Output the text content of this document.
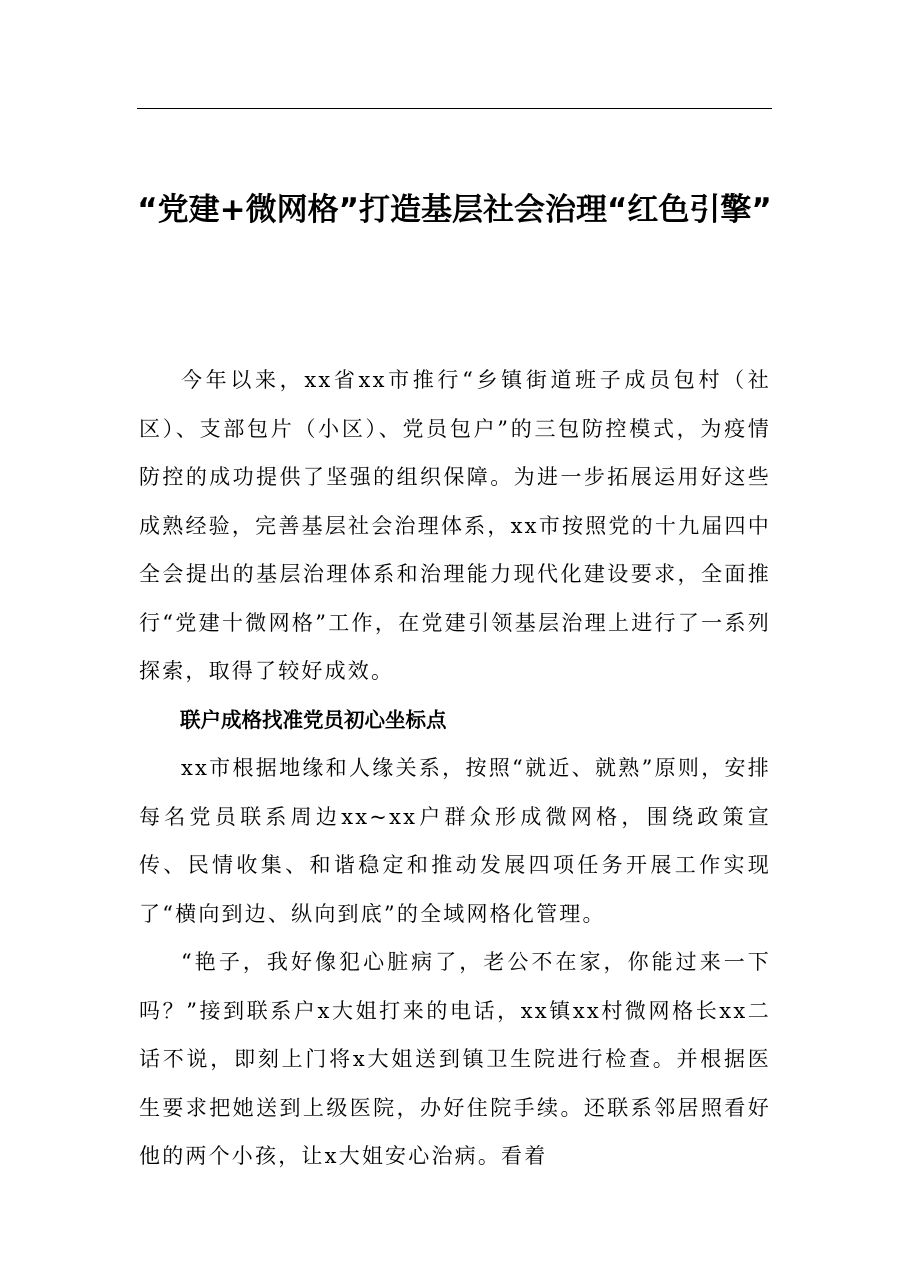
“党建+微网格”打造基层社会治理“红色引擎”

今年以来，xx省xx市推行“乡镇街道班子成员包村（社区）、支部包片（小区）、党员包户”的三包防控模式，为疫情防控的成功提供了坚强的组织保障。为进一步拓展运用好这些成熟经验，完善基层社会治理体系，xx市按照党的十九届四中全会提出的基层治理体系和治理能力现代化建设要求，全面推行“党建十微网格”工作，在党建引领基层治理上进行了一系列探索，取得了较好成效。

联户成格找准党员初心坐标点

xx市根据地缘和人缘关系，按照“就近、就熟”原则，安排每名党员联系周边xx~xx户群众形成微网格，围绕政策宣传、民情收集、和谐稳定和推动发展四项任务开展工作实现了“横向到边、纵向到底”的全域网格化管理。

“艳子，我好像犯心脏病了，老公不在家，你能过来一下吗？”接到联系户x大姐打来的电话，xx镇xx村微网格长xx二话不说，即刻上门将x大姐送到镇卫生院进行检查。并根据医生要求把她送到上级医院，办好住院手续。还联系邻居照看好他的两个小孩，让x大姐安心治病。看着
